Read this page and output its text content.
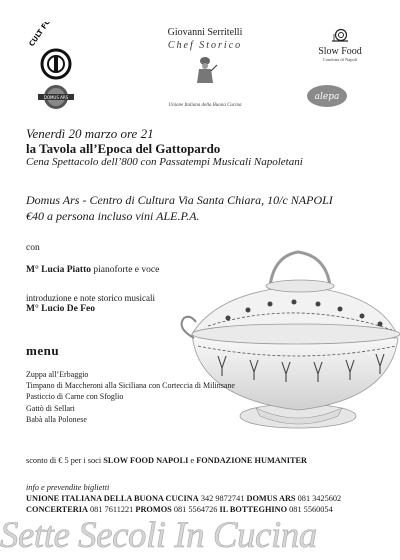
CULT FOOD
DOMUS ARS
Giovanni Serritelli
Chef Storico
Unione Italiana della Buona Cucina
Slow Food
Condotta di Napoli
alepa
Venerdì 20 marzo ore 21
la Tavola all’Epoca del Gattopardo
Cena Spettacolo dell’800 con Passatempi Musicali Napoletani
Domus Ars - Centro di Cultura Via Santa Chiara, 10/c NAPOLI
€40 a persona incluso vini ALE.P.A.
con
M° Lucia Piatto pianoforte e voce
introduzione e note storico musicali
M° Lucio De Feo
menu
Zuppa all’Erbaggio
Timpano di Maccheroni alla Siciliana con Corteccia di Milinsane
Pasticcio di Carne con Sfoglio
Gattò di Sellari
Babà alla Polonese
sconto di € 5 per i soci SLOW FOOD NAPOLI e FONDAZIONE HUMANITER
info e prevendite biglietti
UNIONE ITALIANA DELLA BUONA CUCINA 342 9872741 DOMUS ARS 081 3425602
CONCERTERIA 081 7611221 PROMOS 081 5564726 IL BOTTEGHINO 081 5560054
Sette Secoli In Cucina
